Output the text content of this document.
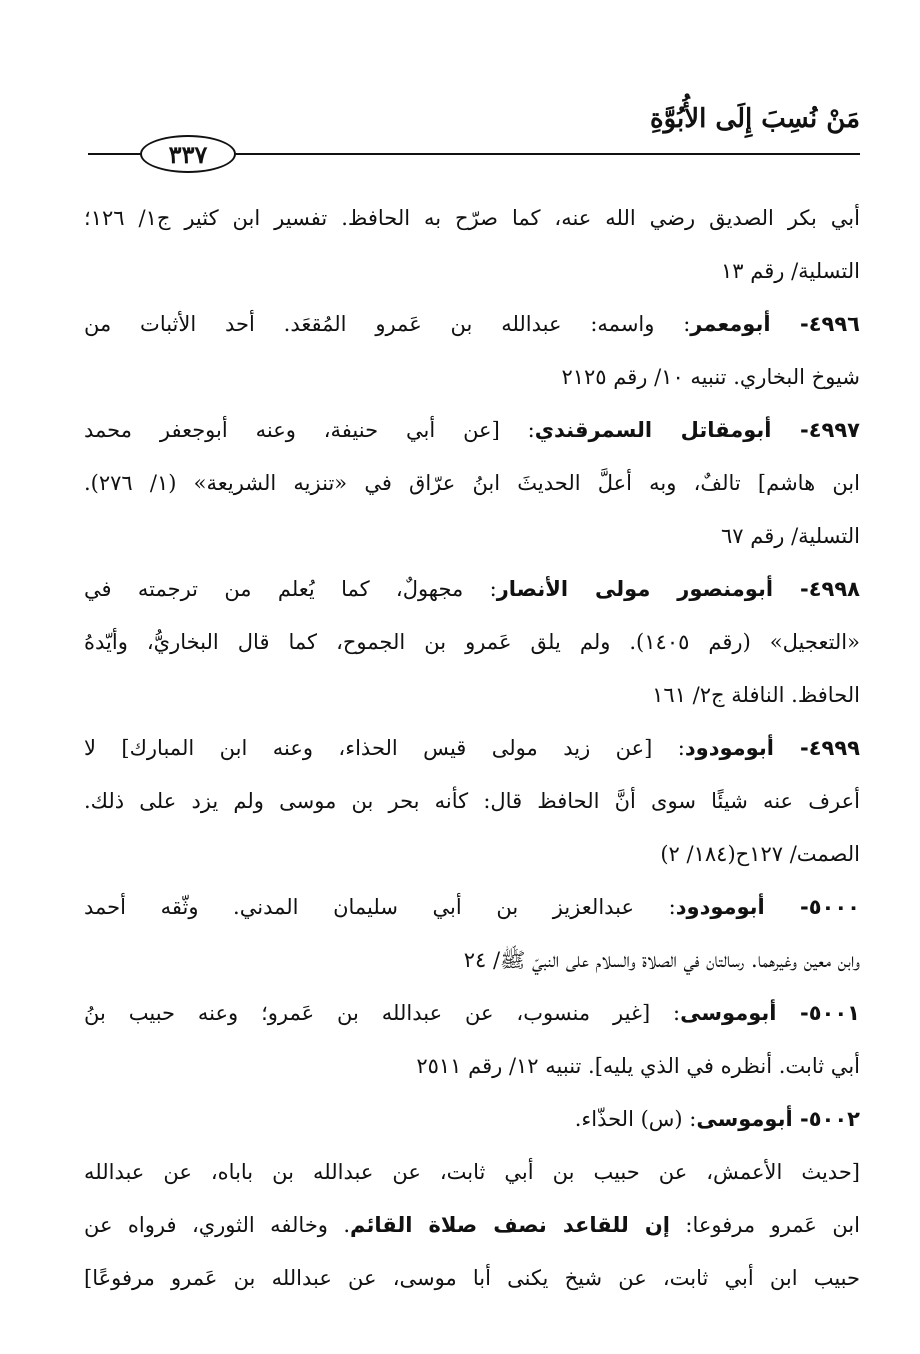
مَنْ نُسِبَ إِلَى الأُبُوَّةِ
٣٣٧
أبي بكر الصديق رضي الله عنه، كما صرّح به الحافظ. تفسير ابن كثير ج١/ ١٢٦؛
التسلية/ رقم ١٣
٤٩٩٦- أبومعمر: واسمه: عبدالله بن عَمرو المُقعَد. أحد الأثبات من
شيوخ البخاري. تنبيه ١٠/ رقم ٢١٢٥
٤٩٩٧- أبومقاتل السمرقندي: [عن أبي حنيفة، وعنه أبوجعفر محمد
ابن هاشم] تالفٌ، وبه أعلَّ الحديثَ ابنُ عرّاق في «تنزيه الشريعة» (١/ ٢٧٦).
التسلية/ رقم ٦٧
٤٩٩٨- أبومنصور مولى الأنصار: مجهولٌ، كما يُعلم من ترجمته في
«التعجيل» (رقم ١٤٠٥). ولم يلق عَمرو بن الجموح، كما قال البخاريُّ، وأيّدهُ
الحافظ. النافلة ج٢/ ١٦١
٤٩٩٩- أبومودود: [عن زيد مولى قيس الحذاء، وعنه ابن المبارك] لا
أعرف عنه شيئًا سوى أنَّ الحافظ قال: كأنه بحر بن موسى ولم يزد على ذلك.
الصمت/ ١٢٧ح(١٨٤/ ٢)
٥٠٠٠- أبومودود: عبدالعزيز بن أبي سليمان المدني. وثّقه أحمد
وابن معين وغيرهما. رسالتان في الصلاة والسلام على النبيّ ﷺ/ ٢٤
٥٠٠١- أبوموسى: [غير منسوب، عن عبدالله بن عَمرو؛ وعنه حبيب بنُ
أبي ثابت. أنظره في الذي يليه]. تنبيه ١٢/ رقم ٢٥١١
٥٠٠٢- أبوموسى: (س) الحذّاء.
[حديث الأعمش، عن حبيب بن أبي ثابت، عن عبدالله بن باباه، عن عبدالله
ابن عَمرو مرفوعا: إن للقاعد نصف صلاة القائم. وخالفه الثوري، فرواه عن
حبيب ابن أبي ثابت، عن شيخ يكنى أبا موسى، عن عبدالله بن عَمرو مرفوعًا]
